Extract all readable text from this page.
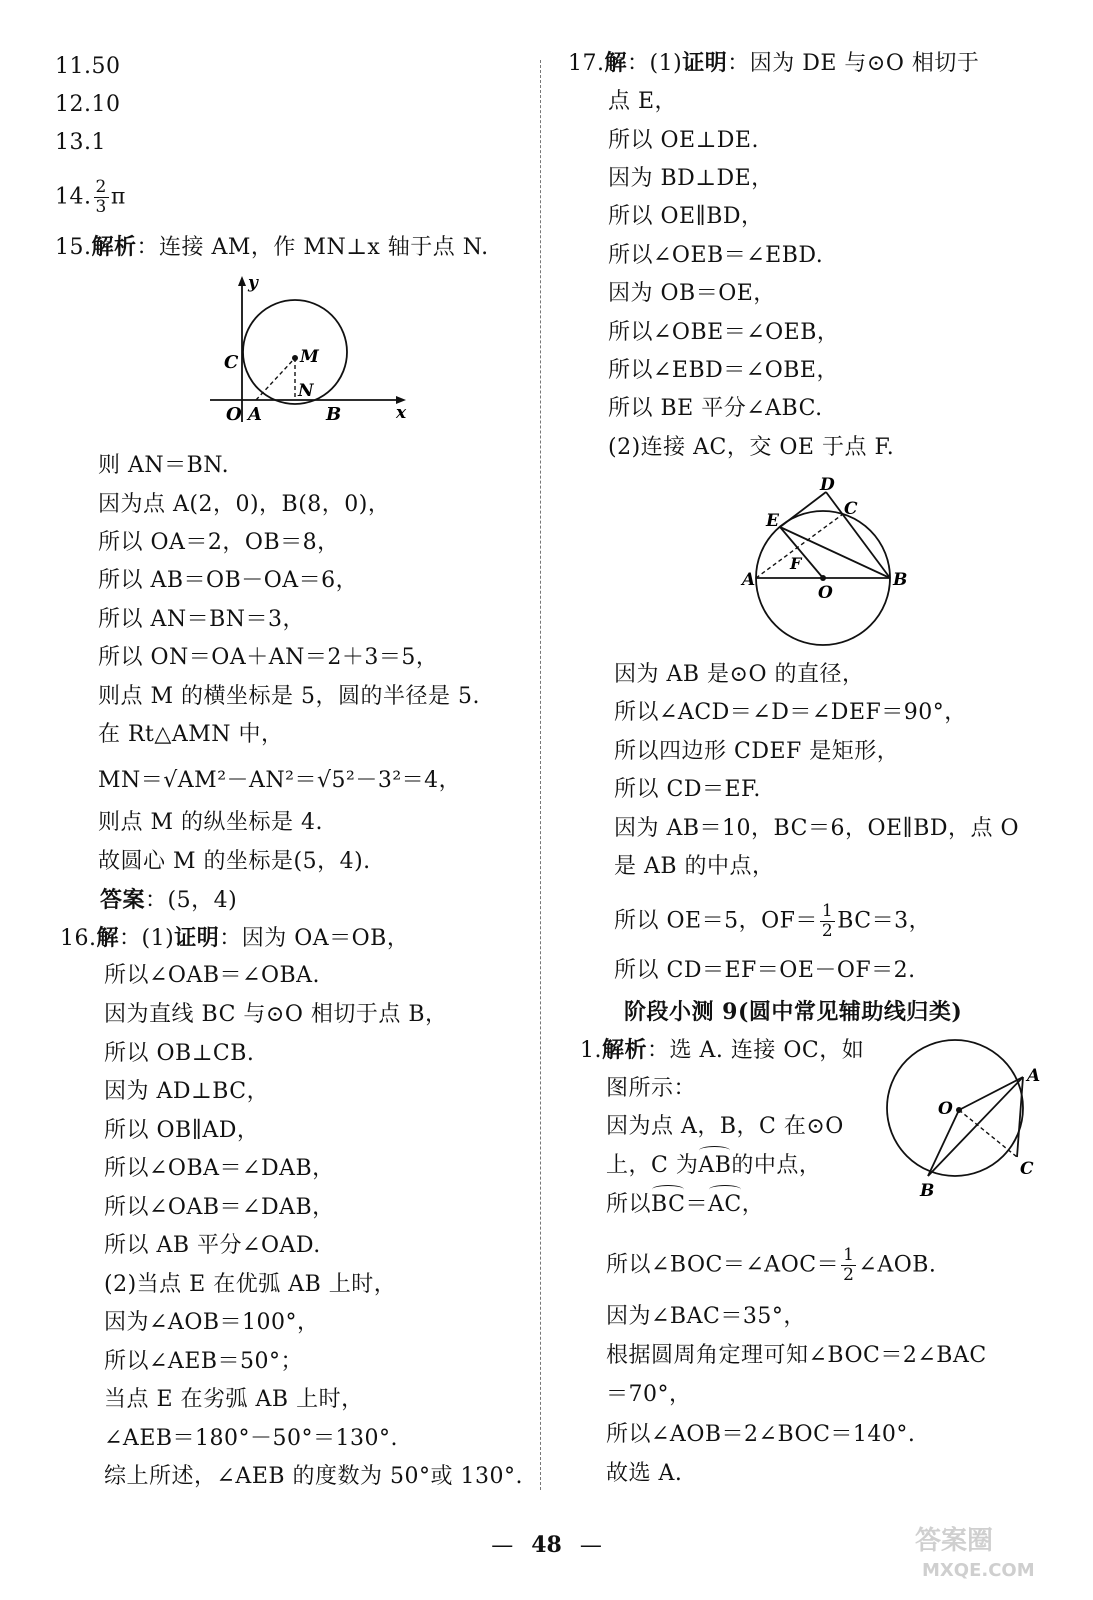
11.50
12.10
13.1
14. $\frac{2}{3}$ π
15.解析：连接 AM，作 MN⊥x 轴于点 N.
y
x
C	M
N
O A	B
则 AN＝BN.
因为点 A(2，0)，B(8，0)，
所以 OA＝2，OB＝8，
所以 AB＝OB－OA＝6，
所以 AN＝BN＝3，
所以 ON＝OA＋AN＝2＋3＝5，
则点 M 的横坐标是 5，圆的半径是 5.
在 Rt△AMN 中，
MN＝√AM²－AN²＝√5²－3²＝4，
则点 M 的纵坐标是 4.
故圆心 M 的坐标是(5，4).
答案：(5，4)
16.解：(1)证明：因为 OA＝OB，
所以∠OAB＝∠OBA.
因为直线 BC 与⊙O 相切于点 B，
所以 OB⊥CB.
因为 AD⊥BC，
所以 OB∥AD，
所以∠OBA＝∠DAB，
所以∠OAB＝∠DAB，
所以 AB 平分∠OAD.
(2)当点 E 在优弧 AB 上时，
因为∠AOB＝100°，
所以∠AEB＝50°；
当点 E 在劣弧 AB 上时，
∠AEB＝180°－50°＝130°.
综上所述，∠AEB 的度数为 50°或 130°.
17.解：(1)证明：因为 DE 与⊙O 相切于
点 E，
所以 OE⊥DE.
因为 BD⊥DE，
所以 OE∥BD，
所以∠OEB＝∠EBD.
因为 OB＝OE，
所以∠OBE＝∠OEB，
所以∠EBD＝∠OBE，
所以 BE 平分∠ABC.
(2)连接 AC，交 OE 于点 F.
D
C
E
F
A
O
B
因为 AB 是⊙O 的直径，
所以∠ACD＝∠D＝∠DEF＝90°，
所以四边形 CDEF 是矩形，
所以 CD＝EF.
因为 AB＝10，BC＝6，OE∥BD，点 O
是 AB 的中点，
所以 OE＝5，$OF= \frac{1}{2} BC=3$，
所以 CD＝EF＝OE－OF＝2.
阶段小测 9(圆中常见辅助线归类)
1.解析：选 A. 连接 OC，如
图所示：
因为点 A，B，C 在⊙O
上，C 为AB的中点，
所以BC＝AC，
所以∠BOC＝∠AOC＝ $\frac{1}{2}$ ∠AOB.
因为∠BAC＝35°，
根据圆周角定理可知∠BOC＝2∠BAC
＝70°，
所以∠AOB＝2∠BOC＝140°.
故选 A.
O
A
B
C
— 48 —	答案圈
MXQE.COM
